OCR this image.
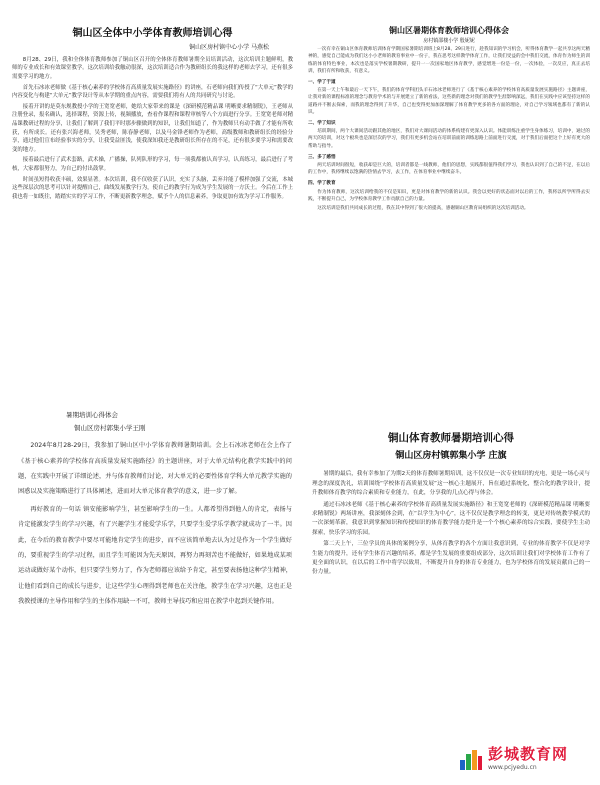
铜山区全体中小学体育教师培训心得
铜山区房村镇中心小学 马燕松

8月28、29日，我和全体体育教师参加了铜山区召开的全体体育教师暑期全员培训活动，这次培训主题鲜明，教师的专业成长和有效课堂教学。这次培训给我触动很深，这次培训适合作为教研组长的我这样的老师去学习，还有很多需要学习的地方。

首先石冰冰老师做《基于核心素养的学校体育高质量发展实施路径》的讲座，石老师向我们传授了“大单元”教学的内容变化与构建“大单元”教学设计等从本学期的重点内容，需要我们将有人的共同研究与讨论。

接着开讲的是莫东规教授小学的王宽宽老师，她给大家带来的课是《深研模范精品课 明晰要求精制锐》，王老师从注册登录，报名确认，选择课程，资源上传，视频播放，查看作课程和课程审核等八个方面进行分享。王宽宽老师对精品课教研过程的分享，让我们了解到了我们平时那步骤做到的知识，让我们知道了，作为教师只有动手做了才能有所收获，有所成长。还有张兴海老师，吴秀老师，陈春静老师，以及马金锋老师作为老师，高级教师和教研组长的经验分享，通过他们宣布经验事实的分享，让我受益匪浅，使我深知我还是教研组长所存在的不足，还有很多要学习和需要改变的地方。

接着最后进行了武术套路，武术操，广播操，队列队形的学习，每一项我都被认真学习，认真练习，最后进行了考核，大家都很努力，为自己的付出鼓掌。

时间虽短得收获丰硕，效果显著。本次培训，我不仅收获了认识，充实了头脑，丢弃并能了模样加强了交流，本城这些深层次的思考可以针对提醒自己，曲线发展教学行为，使自己的教学行为成为学生发展的一方沃土。今后在工作上我也将一如既往，踏踏实实的学习工作，不断更新教学理念，赋予个人的信息素养，争取更加有效为学习工作服务。

铜山区暑期体育教师培训心得体会
房村镇邵楼小学 殷妮妮

一次有幸在铜山区体育教师培训体育学期国家暑期培训班上8月28、29日进行，趁我知识的学习机会，听得体育教学一起共享这两天精神的，感觉自己能成为我们这小小老师的教育事业中一份子，我在思考这样教学体育工作，让我们受益的会中我们交流，体育作为师生的训练的体育特色事业，本次也是落实学校暑期教研，提升一一次国家地区体育教学，感觉增进一份是一份，一次体验，一次反应，真正去培训，我们有所和收获，有意义。

一、学了于道

在第一天上午和最后一天下午，我们的体育学科团头羊石冰冰老师进行了《基于核心素养的学校体育高质量发展实施路径》主题讲座，让我对新的课程标准的理念与教育学术的与开展建立了新的看法，这些新的理念对我们的教学生涯影响深远，我们在实践中应该坚持这样的道路并不断去探索，而我的理念得到了升华，自己也变得更加加深理解了体育教学更多的各方面的理论，对自己学习领域也都有了新的认识。

二、学了知识

培训期间，两个大课间活动跟其他的地区，我们对大课间活动的体系构建有更深入认识。体能训练注重学生身体练习，培训中，通过的两天的培训，对这个板块也是深层次的学习，我们有更多机会站在培训前面的训练思路上前面进行交流，对于我们后面把这个上好有更大的帮助与指导。

三、多了感悟

两天培训时间很短，收获却是巨大的，培训者都是一线教师，他们的思想，实践都很值得我们学习，我也认识到了自己的不足，在以后的工作中，我将继续以饱满的热情去学习，去工作，在体育事业中继续奋斗。

四、学了教育

作为体育教师，这次培训给我的不仅是知识，更是对体育教学的新的认识。我会以更好的状态面对以后的工作，我将以所学所得去实践，不断提升自己，为学校体育教学工作贡献自己的力量。

这次培训是我们共同成长的过程，我在其中得到了很大的提高，感谢铜山区教育局组织的这次培训活动。

暑期培训心得体会
铜山区房村郭集小学王刚

2024年8月28-29日，我参加了铜山区中小学体育教师暑期培训。会上石冰冰老师在会上作了《基于核心素养的学校体育高质量发展实施路径》的主题讲座，对于大单元结构化教学实践中的问题，在实践中开展了详细论述，并与体育教师们讨论，对大单元的必要性体育学科大单元教学实施的困惑以及实施策略进行了具体阐述，进而对大单元体育教学的意义，进一步了解。

再好教育的一句话 镇安能影响学生，甚至影响学生的一生。人都希望得到他人的肯定，表扬与肯定能激发学生的学习兴趣，有了兴趣学生才能爱学乐学，只要学生爱学乐学教学就成功了一半。因此，在今后的教育教学中要尽可能地肯定学生的进步，而不应该简单地去认为过是作为一个学生做好的，要重视学生的学习过程，而且学生可能因为先天原因，再努力再刻苦也不能做好，如果地成某项运动或做好某个动作，但只要学生努力了，作为老师都应该给予肯定，甚至要表扬他这种学生精神，让他们看到自己的成长与进步，让这些学生心理得到老师也在关注他，教学生在学习兴趣，这也正是我教授课的主导作用和学生的主体作用缺一不可，教师主导技巧和应用在教学中起到关键作用。

铜山体育教师暑期培训心得
铜山区房村镇郭集小学 庄旗

暑期的最后，我有幸参加了为期2天的体育教师暑期培训，这不仅仅是一次专业知识的充电，更是一场心灵与理念的深度洗礼，培训围绕“学校体育高质量发展”这一核心主题展开，旨在通过系统化，整合化的教学设计，提升教师体育教学的综合素质和专业能力，在此，分享我的几点心得与体会。

通过石冰冰老师《基于核心素养的学校体育高质量发展实施路径》和王宽宽老师的《深研模范精品课 明晰要求精制锐》两场讲座，我深刻体会到，在“以学生为中心”，这不仅仅是教学理念的转变，更是对传统教学模式的一次深刻革新，我意识到掌握知识和传授知识的体育教学能力提升是一个个核心素养的综合实践，要使学生主动探索，快乐学习的乐园。

第二天上午，三位学员的具体的案例分享，从体育教学的各个方面让我意识到，专业的体育教学不仅是对学生能力的提升，还有学生体育兴趣的培养，都是学生发展的重要组成部分，这次培训让我们对学校体育工作有了更全面的认识，在以后的工作中将学以致用，不断提升自身的体育专业能力，也为学校体育的发展贡献自己的一份力量。

彭城教育网
www.pcjyedu.cn
